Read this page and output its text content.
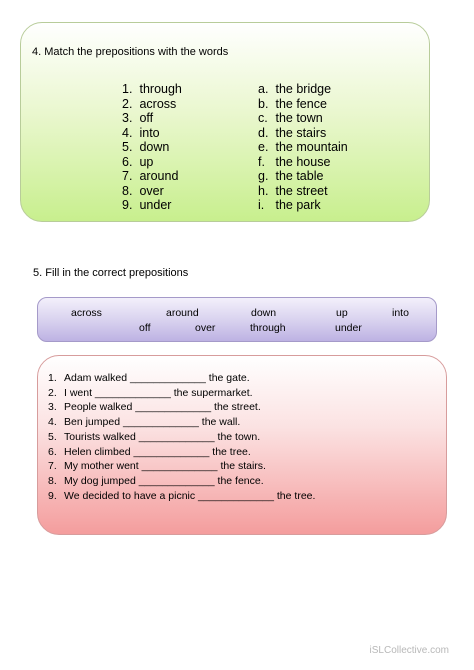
4. Match the prepositions with the words
1. through
2. across
3. off
4. into
5. down
6. up
7. around
8. over
9. under
a. the bridge
b. the fence
c. the town
d. the stairs
e. the mountain
f. the house
g. the table
h. the street
i. the park
5. Fill in the correct prepositions
across	around	down	up	into
off	over	through	under
1. Adam walked _____________ the gate.
2. I went _____________ the supermarket.
3. People walked _____________ the street.
4. Ben jumped _____________ the wall.
5. Tourists walked _____________ the town.
6. Helen climbed _____________ the tree.
7. My mother went _____________ the stairs.
8. My dog jumped _____________ the fence.
9. We decided to have a picnic _____________ the tree.
iSLCollective.com
